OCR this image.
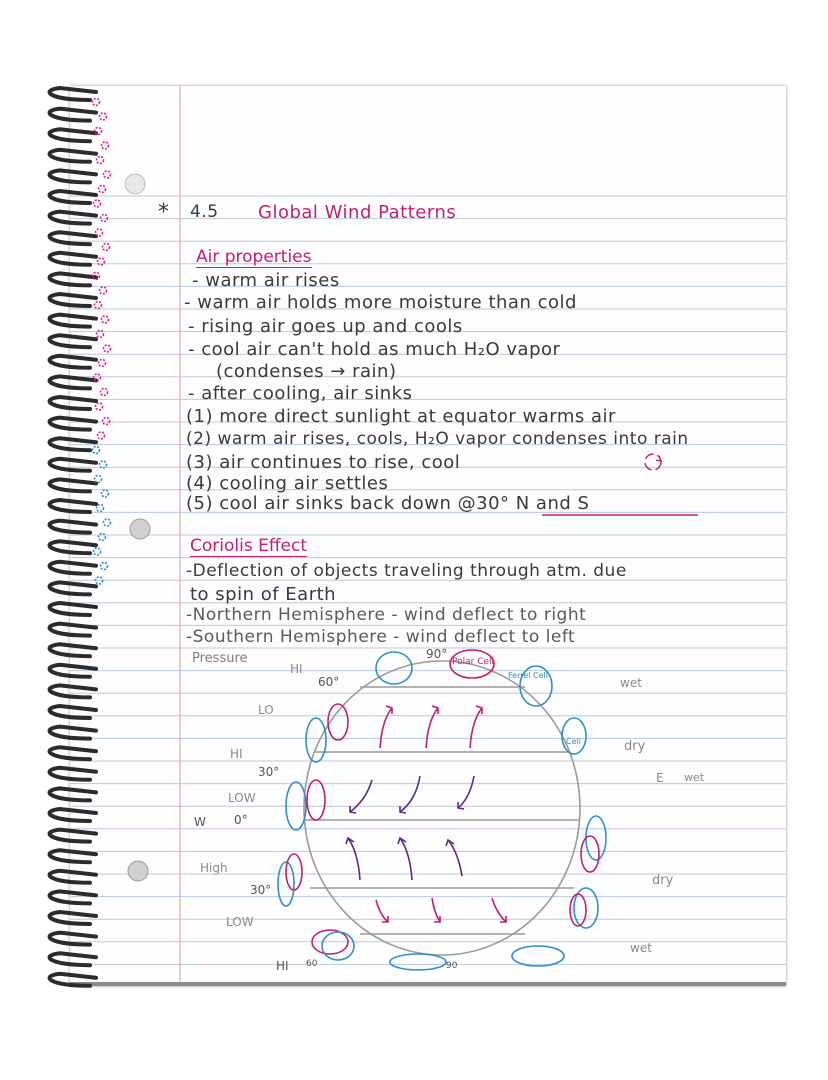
* 4.5 Global Wind Patterns
Air properties
- warm air rises
- warm air holds more moisture than cold
- rising air goes up and cools
- cool air can't hold as much H₂O vapor
(condenses → rain)
- after cooling, air sinks
(1) more direct sunlight at equator warms air
(2) warm air rises, cools, H₂O vapor condenses into rain
(3) air continues to rise, cool
(4) cooling air settles
(5) cool air sinks back down @30° N and S
Coriolis Effect
-Deflection of objects traveling through atm. due
to spin of Earth
-Northern Hemisphere - wind deflect to right
-Southern Hemisphere - wind deflect to left
Pressure
HI
60°
90°
Polar Cell
Ferrel Cell
Cell
LO
HI
30°
LOW
W 0°
High
30°
LOW
HI 60	90
wet
dry
E wet
dry
wet
